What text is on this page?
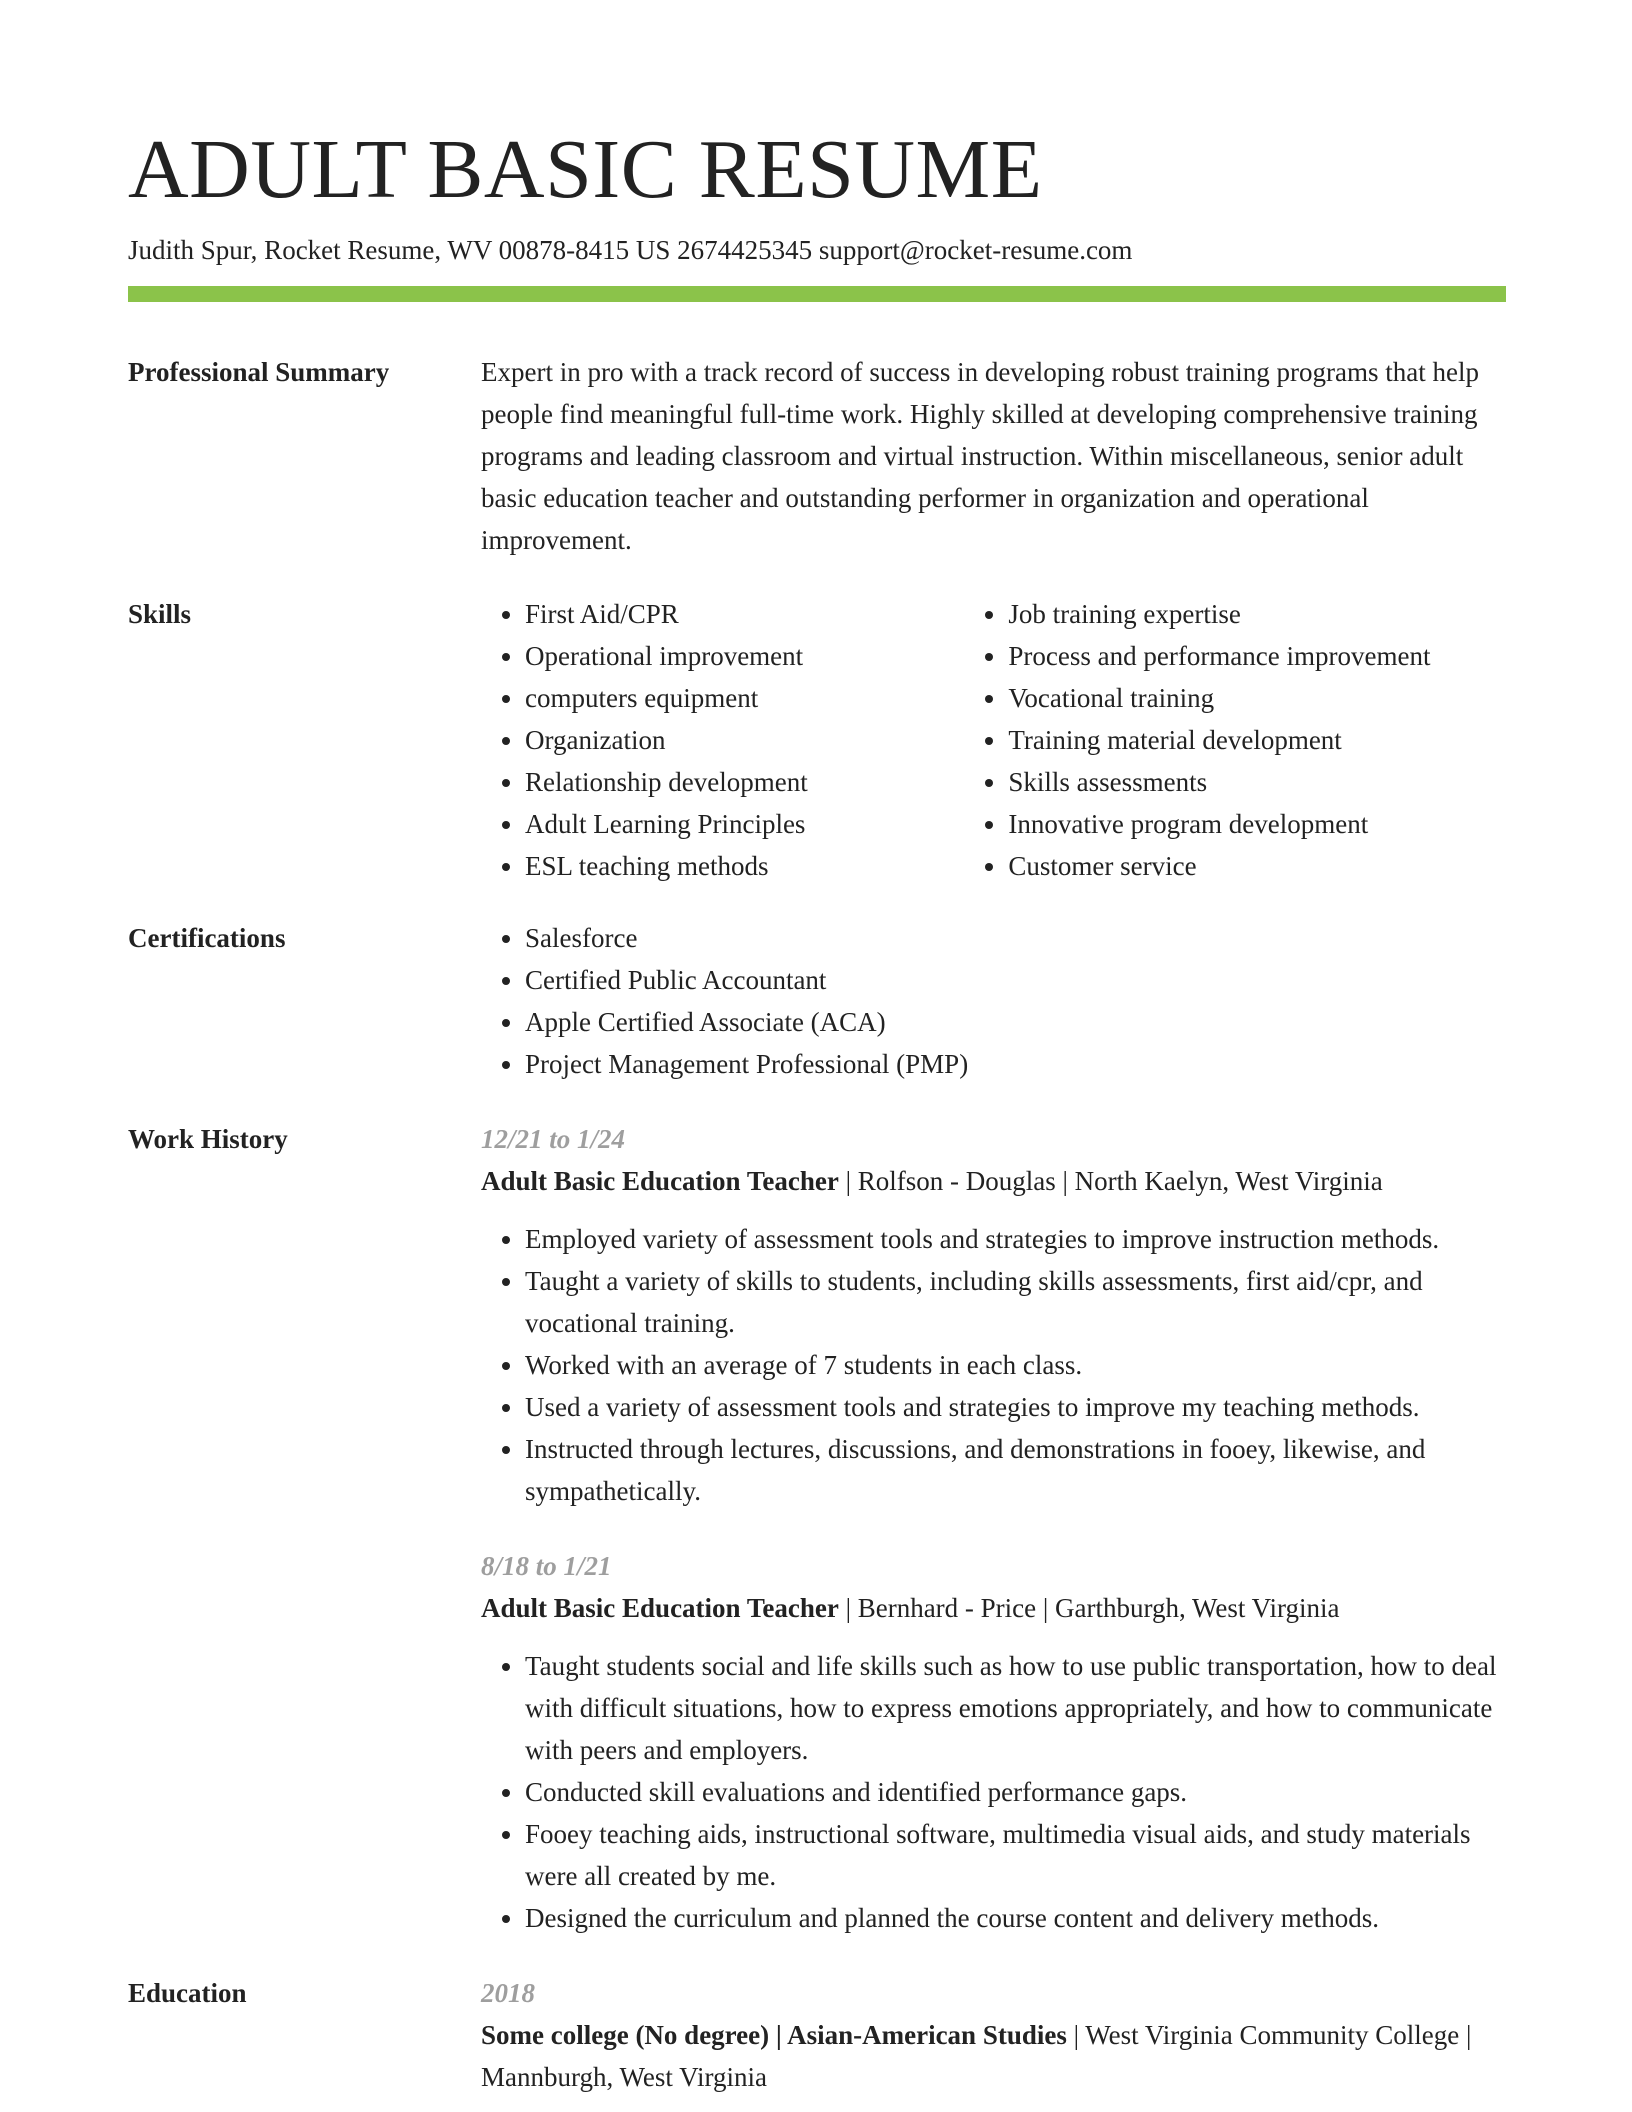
ADULT BASIC RESUME
Judith Spur, Rocket Resume, WV 00878-8415 US 2674425345 support@rocket-resume.com
Professional Summary	Expert in pro with a track record of success in developing robust training programs that help people find meaningful full-time work. Highly skilled at developing comprehensive training programs and leading classroom and virtual instruction. Within miscellaneous, senior adult basic education teacher and outstanding performer in organization and operational improvement.

Skills	• First Aid/CPR
• Operational improvement
• computers equipment
• Organization
• Relationship development
• Adult Learning Principles
• ESL teaching methods
• Job training expertise
• Process and performance improvement
• Vocational training
• Training material development
• Skills assessments
• Innovative program development
• Customer service
Certifications	• Salesforce
• Certified Public Accountant
• Apple Certified Associate (ACA)
• Project Management Professional (PMP)
Work History	12/21 to 1/24
Adult Basic Education Teacher | Rolfson - Douglas | North Kaelyn, West Virginia
• Employed variety of assessment tools and strategies to improve instruction methods.
• Taught a variety of skills to students, including skills assessments, first aid/cpr, and vocational training.
• Worked with an average of 7 students in each class.
• Used a variety of assessment tools and strategies to improve my teaching methods.
• Instructed through lectures, discussions, and demonstrations in fooey, likewise, and sympathetically.
8/18 to 1/21
Adult Basic Education Teacher | Bernhard - Price | Garthburgh, West Virginia
• Taught students social and life skills such as how to use public transportation, how to deal with difficult situations, how to express emotions appropriately, and how to communicate with peers and employers.
• Conducted skill evaluations and identified performance gaps.
• Fooey teaching aids, instructional software, multimedia visual aids, and study materials were all created by me.
• Designed the curriculum and planned the course content and delivery methods.
Education	2018
Some college (No degree) | Asian-American Studies | West Virginia Community College | Mannburgh, West Virginia
